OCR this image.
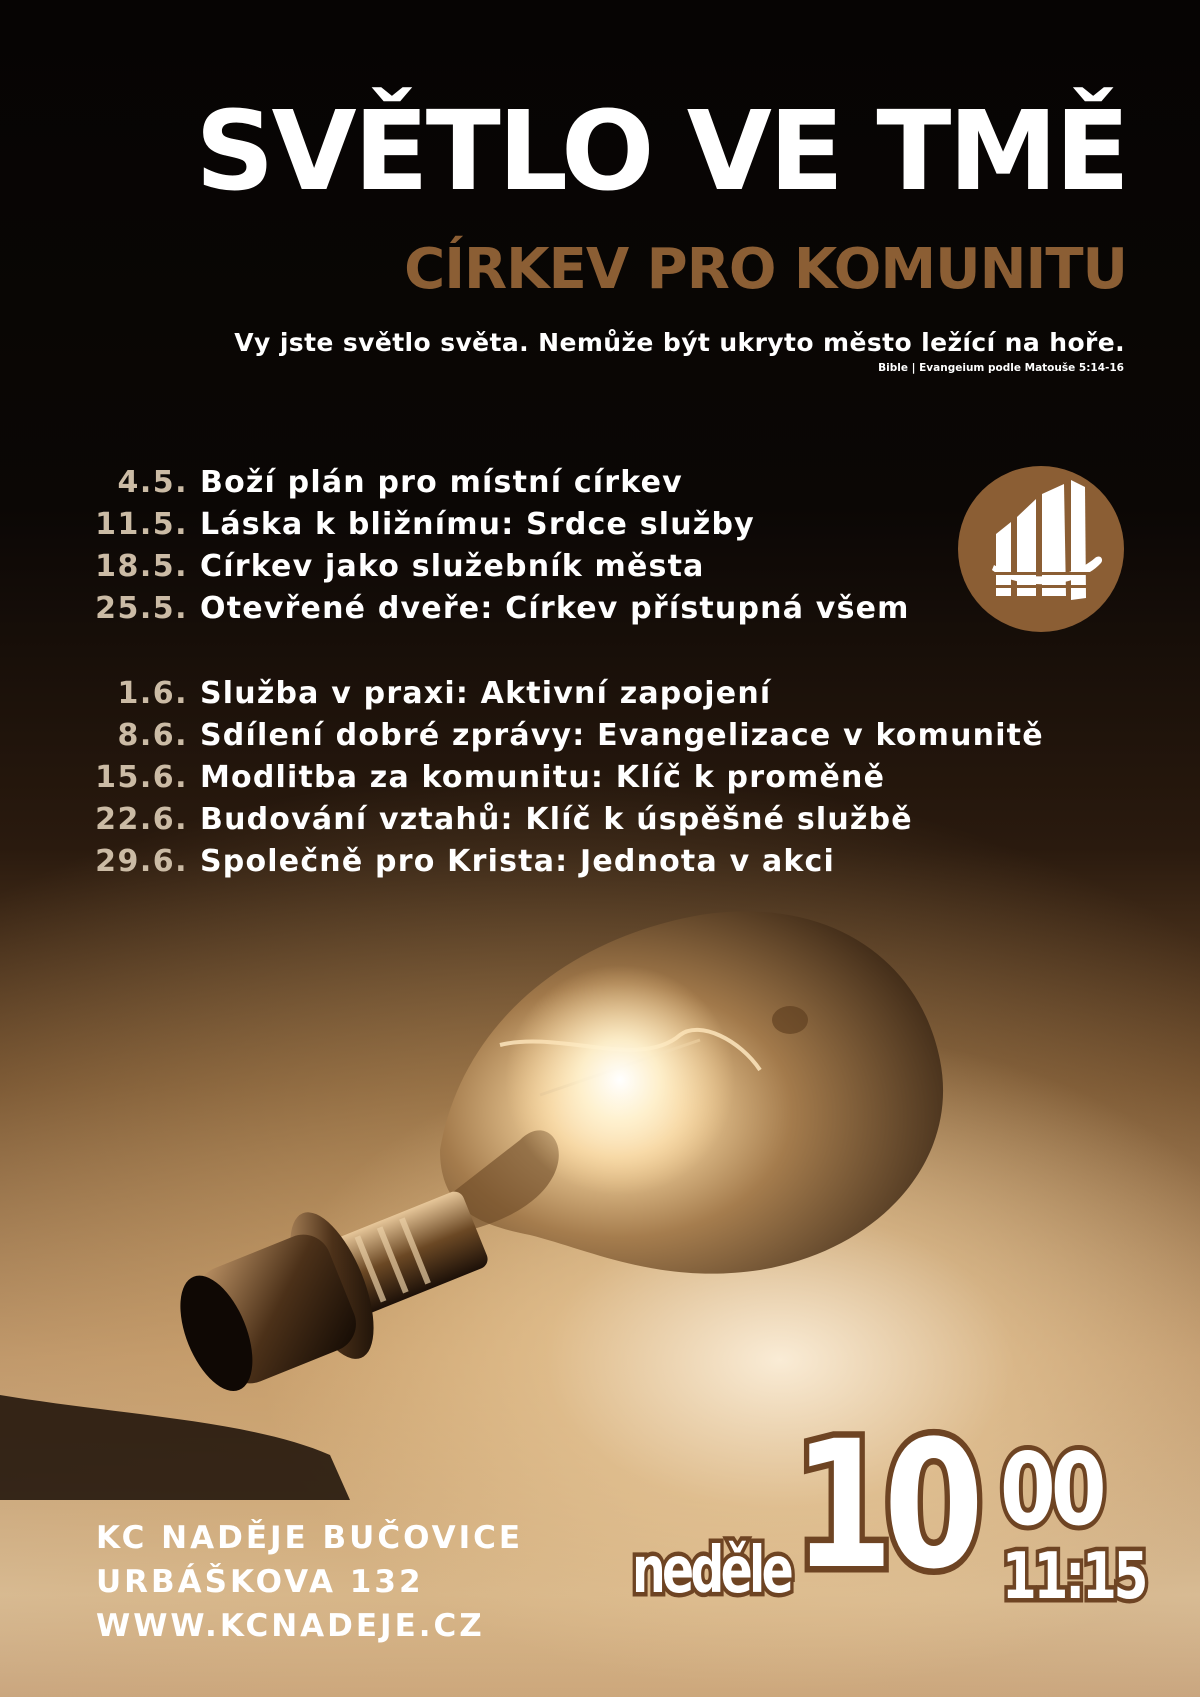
SVĚTLO VE TMĚ
CÍRKEV PRO KOMUNITU

Vy jste světlo světa. Nemůže být ukryto město ležící na hoře.

Bible | Evangeium podle Matouše 5:14-16

4.5. Boží plán pro místní církev
11.5. Láska k bližnímu: Srdce služby
18.5. Církev jako služebník města
25.5. Otevřené dveře: Církev přístupná všem
1.6. Služba v praxi: Aktivní zapojení
8.6. Sdílení dobré zprávy: Evangelizace v komunitě
15.6. Modlitba za komunitu: Klíč k proměně
22.6. Budování vztahů: Klíč k úspěšné službě
29.6. Společně pro Krista: Jednota v akci

KC NADĚJE BUČOVICE
URBÁŠKOVA 132
WWW.KCNADEJE.CZ

neděle 10 00
11:15
